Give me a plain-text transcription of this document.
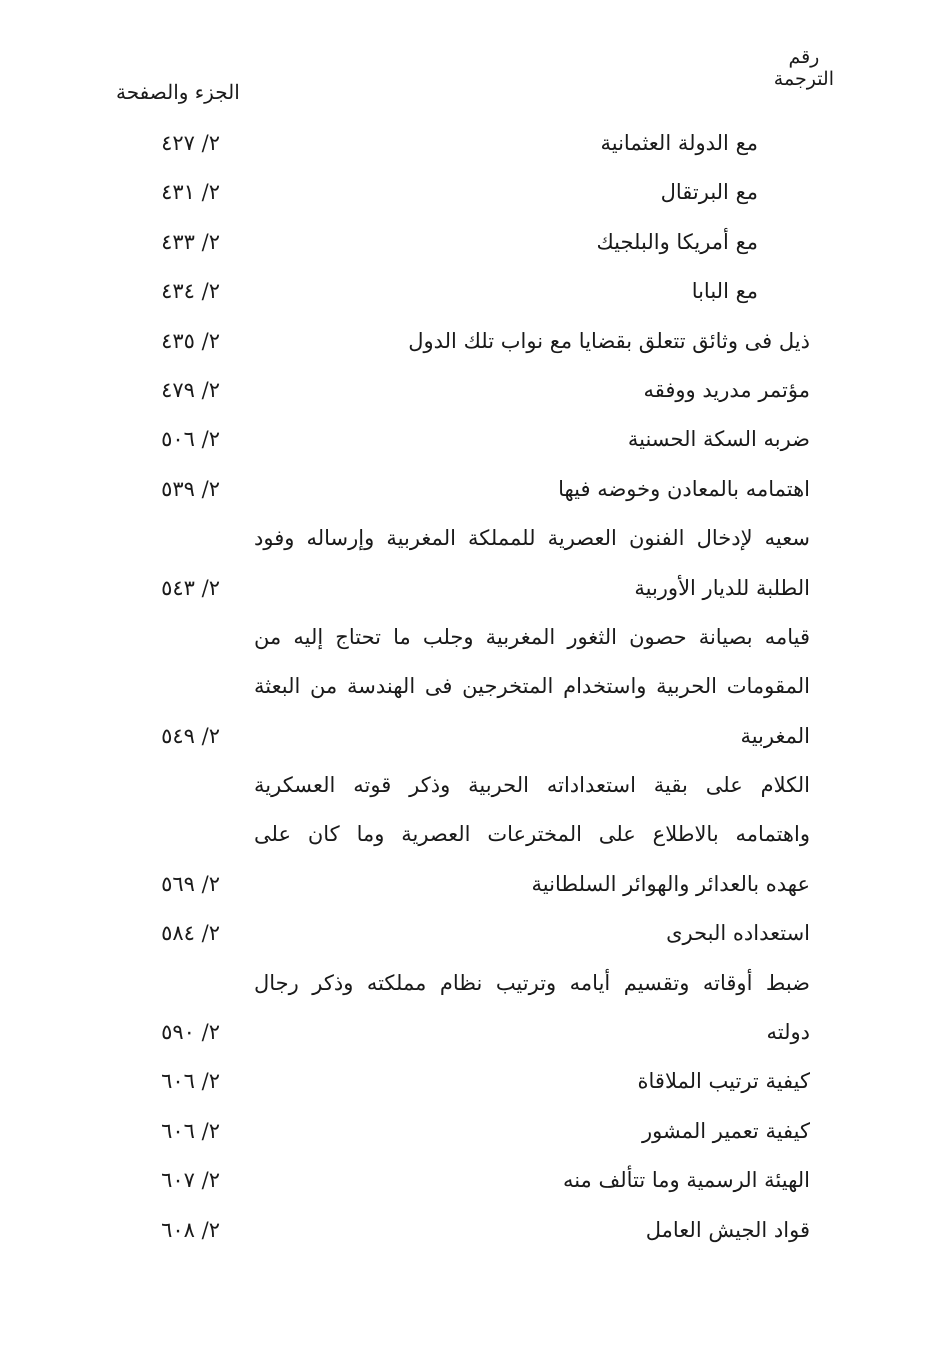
رقم
الترجمة
الجزء والصفحة
مع الدولة العثمانية
٢/ ٤٢٧
مع البرتقال
٢/ ٤٣١
مع أمريكا والبلجيك
٢/ ٤٣٣
مع البابا
٢/ ٤٣٤
ذيل فى وثائق تتعلق بقضايا مع نواب تلك الدول
٢/ ٤٣٥
مؤتمر مدريد ووفقه
٢/ ٤٧٩
ضربه السكة الحسنية
٢/ ٥٠٦
اهتمامه بالمعادن وخوضه فيها
٢/ ٥٣٩
سعيه لإدخال الفنون العصرية للمملكة المغربية وإرساله وفود
الطلبة للديار الأوربية
٢/ ٥٤٣
قيامه بصيانة حصون الثغور المغربية وجلب ما تحتاج إليه من
المقومات الحربية واستخدام المتخرجين فى الهندسة من البعثة
المغربية
٢/ ٥٤٩
الكلام على بقية استعداداته الحربية وذكر قوته العسكرية
واهتمامه بالاطلاع على المخترعات العصرية وما كان على
عهده بالعدائر والهوائر السلطانية
٢/ ٥٦٩
استعداده البحرى
٢/ ٥٨٤
ضبط أوقاته وتقسيم أيامه وترتيب نظام مملكته وذكر رجال
دولته
٢/ ٥٩٠
كيفية ترتيب الملاقاة
٢/ ٦٠٦
كيفية تعمير المشور
٢/ ٦٠٦
الهيئة الرسمية وما تتألف منه
٢/ ٦٠٧
قواد الجيش العامل
٢/ ٦٠٨
